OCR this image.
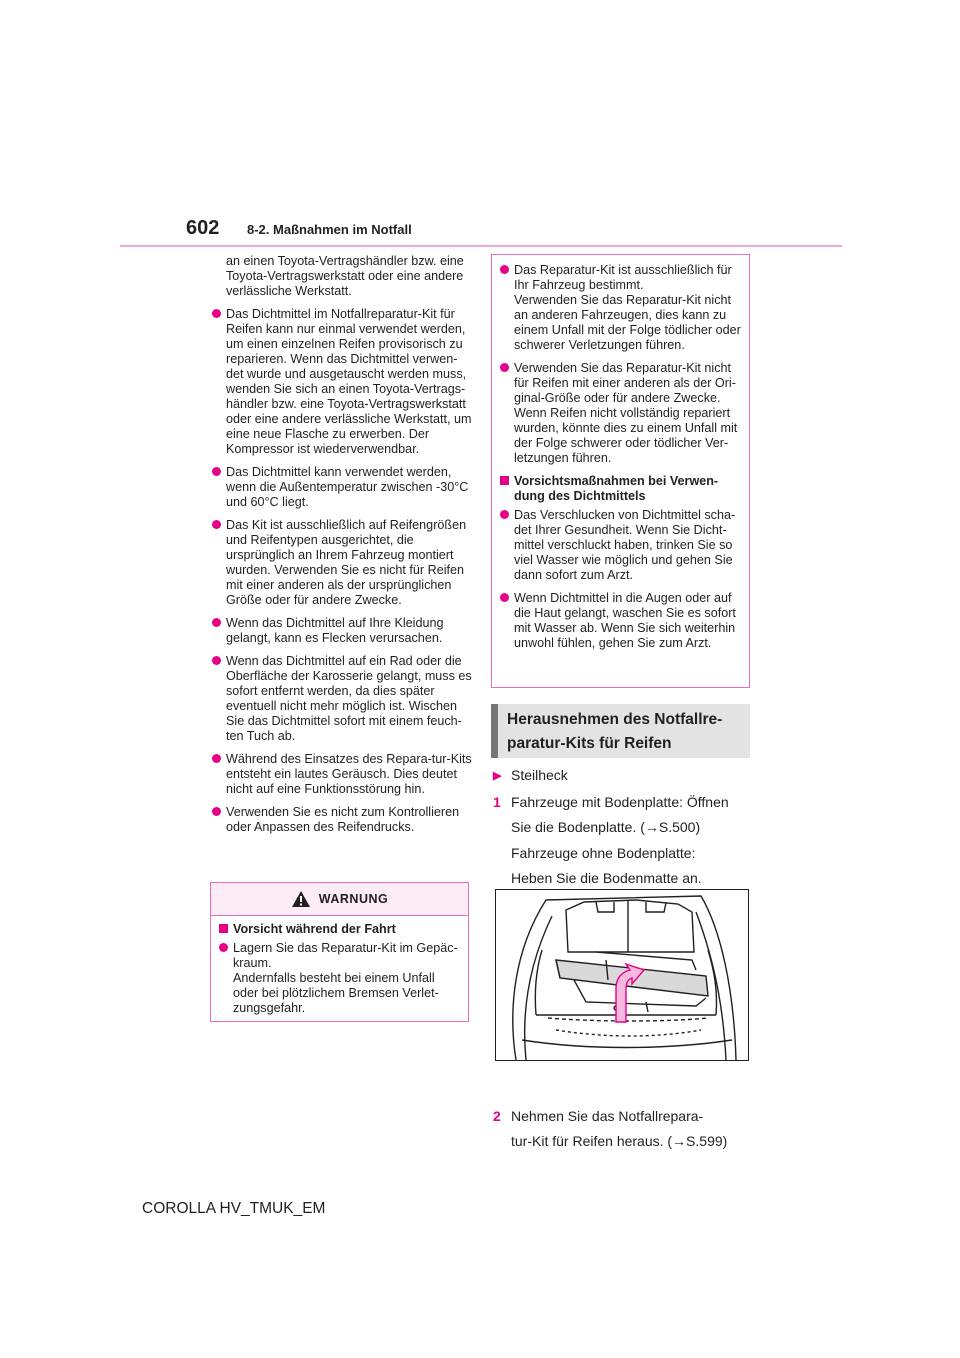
602 8-2. Maßnahmen im Notfall

an einen Toyota-Vertragshändler bzw. eine Toyota-Vertragswerkstatt oder eine andere verlässliche Werkstatt.

Das Dichtmittel im Notfallreparatur-Kit für Reifen kann nur einmal verwendet werden, um einen einzelnen Reifen provisorisch zu reparieren. Wenn das Dichtmittel verwen-det wurde und ausgetauscht werden muss, wenden Sie sich an einen Toyota-Vertrags-händler bzw. eine Toyota-Vertragswerkstatt oder eine andere verlässliche Werkstatt, um eine neue Flasche zu erwerben. Der Kompressor ist wiederverwendbar.
Das Dichtmittel kann verwendet werden, wenn die Außentemperatur zwischen -30°C und 60°C liegt.
Das Kit ist ausschließlich auf Reifengrößen und Reifentypen ausgerichtet, die ursprünglich an Ihrem Fahrzeug montiert wurden. Verwenden Sie es nicht für Reifen mit einer anderen als der ursprünglichen Größe oder für andere Zwecke.
Wenn das Dichtmittel auf Ihre Kleidung gelangt, kann es Flecken verursachen.
Wenn das Dichtmittel auf ein Rad oder die Oberfläche der Karosserie gelangt, muss es sofort entfernt werden, da dies später eventuell nicht mehr möglich ist. Wischen Sie das Dichtmittel sofort mit einem feuch-ten Tuch ab.
Während des Einsatzes des Repara-tur-Kits entsteht ein lautes Geräusch. Dies deutet nicht auf eine Funktionsstörung hin.
Verwenden Sie es nicht zum Kontrollieren oder Anpassen des Reifendrucks.
WARNUNG
Vorsicht während der Fahrt
Lagern Sie das Reparatur-Kit im Gepäc-kraum.
Andernfalls besteht bei einem Unfall oder bei plötzlichem Bremsen Verlet-zungsgefahr.
Das Reparatur-Kit ist ausschließlich für Ihr Fahrzeug bestimmt.
Verwenden Sie das Reparatur-Kit nicht an anderen Fahrzeugen, dies kann zu einem Unfall mit der Folge tödlicher oder schwerer Verletzungen führen.
Verwenden Sie das Reparatur-Kit nicht für Reifen mit einer anderen als der Ori-ginal-Größe oder für andere Zwecke. Wenn Reifen nicht vollständig repariert wurden, könnte dies zu einem Unfall mit der Folge schwerer oder tödlicher Ver-letzungen führen.
Vorsichtsmaßnahmen bei Verwen-dung des Dichtmittels
Das Verschlucken von Dichtmittel scha-det Ihrer Gesundheit. Wenn Sie Dicht-mittel verschluckt haben, trinken Sie so viel Wasser wie möglich und gehen Sie dann sofort zum Arzt.
Wenn Dichtmittel in die Augen oder auf die Haut gelangt, waschen Sie es sofort mit Wasser ab. Wenn Sie sich weiterhin unwohl fühlen, gehen Sie zum Arzt.
Herausnehmen des Notfallre-
paratur-Kits für Reifen
▶ Steilheck
1 Fahrzeuge mit Bodenplatte: Öffnen
Sie die Bodenplatte. (→S.500)
Fahrzeuge ohne Bodenplatte:
Heben Sie die Bodenmatte an.
2 Nehmen Sie das Notfallrepara-
tur-Kit für Reifen heraus. (→S.599)
COROLLA HV_TMUK_EM
